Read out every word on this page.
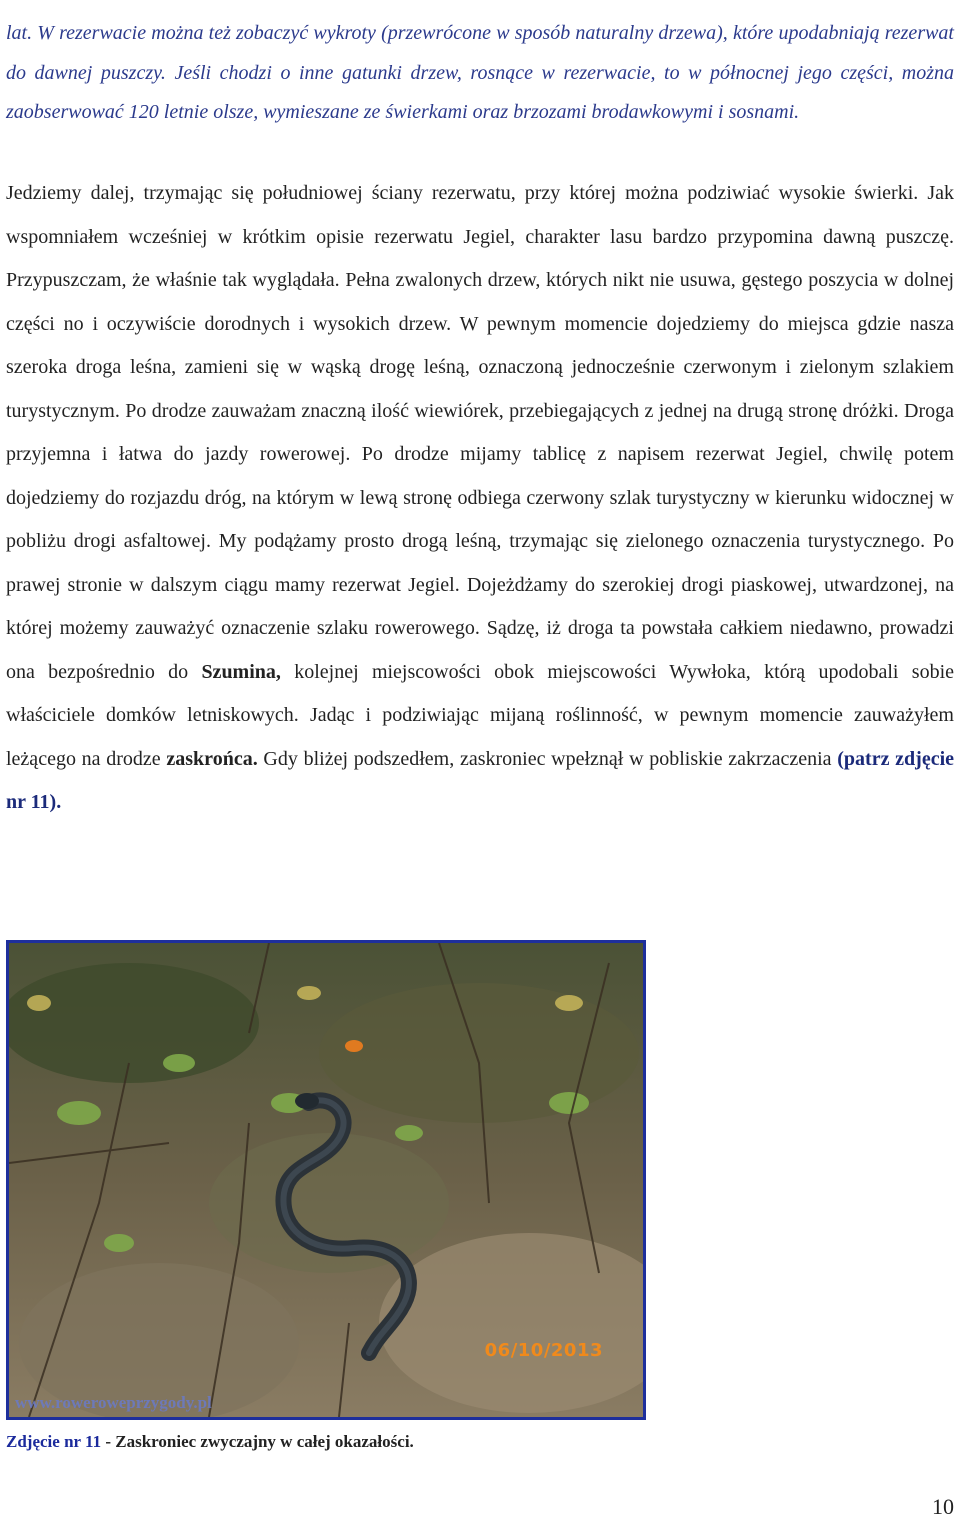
lat. W rezerwacie można też zobaczyć wykroty (przewrócone w sposób naturalny drzewa), które upodabniają rezerwat do dawnej puszczy. Jeśli chodzi o inne gatunki drzew, rosnące w rezerwacie, to w północnej jego części, można zaobserwować 120 letnie olsze, wymieszane ze świerkami oraz brzozami brodawkowymi i sosnami.

Jedziemy dalej, trzymając się południowej ściany rezerwatu, przy której można podziwiać wysokie świerki. Jak wspomniałem wcześniej w krótkim opisie rezerwatu Jegiel, charakter lasu bardzo przypomina dawną puszczę. Przypuszczam, że właśnie tak wyglądała. Pełna zwalonych drzew, których nikt nie usuwa, gęstego poszycia w dolnej części no i oczywiście dorodnych i wysokich drzew. W pewnym momencie dojedziemy do miejsca gdzie nasza szeroka droga leśna, zamieni się w wąską drogę leśną, oznaczoną jednocześnie czerwonym i zielonym szlakiem turystycznym. Po drodze zauważam znaczną ilość wiewiórek, przebiegających z jednej na drugą stronę dróżki. Droga przyjemna i łatwa do jazdy rowerowej. Po drodze mijamy tablicę z napisem rezerwat Jegiel, chwilę potem dojedziemy do rozjazdu dróg, na którym w lewą stronę odbiega czerwony szlak turystyczny w kierunku widocznej w pobliżu drogi asfaltowej. My podążamy prosto drogą leśną, trzymając się zielonego oznaczenia turystycznego. Po prawej stronie w dalszym ciągu mamy rezerwat Jegiel. Dojeżdżamy do szerokiej drogi piaskowej, utwardzonej, na której możemy zauważyć oznaczenie szlaku rowerowego. Sądzę, iż droga ta powstała całkiem niedawno, prowadzi ona bezpośrednio do Szumina, kolejnej miejscowości obok miejscowości Wywłoka, którą upodobali sobie właściciele domków letniskowych. Jadąc i podziwiając mijaną roślinność, w pewnym momencie zauważyłem leżącego na drodze zaskrońca. Gdy bliżej podszedłem, zaskroniec wpełznął w pobliskie zakrzaczenia (patrz zdjęcie nr 11).

06/10/2013
www.roweroweprzygody.pl
Zdjęcie nr 11 - Zaskroniec zwyczajny w całej okazałości.
10
